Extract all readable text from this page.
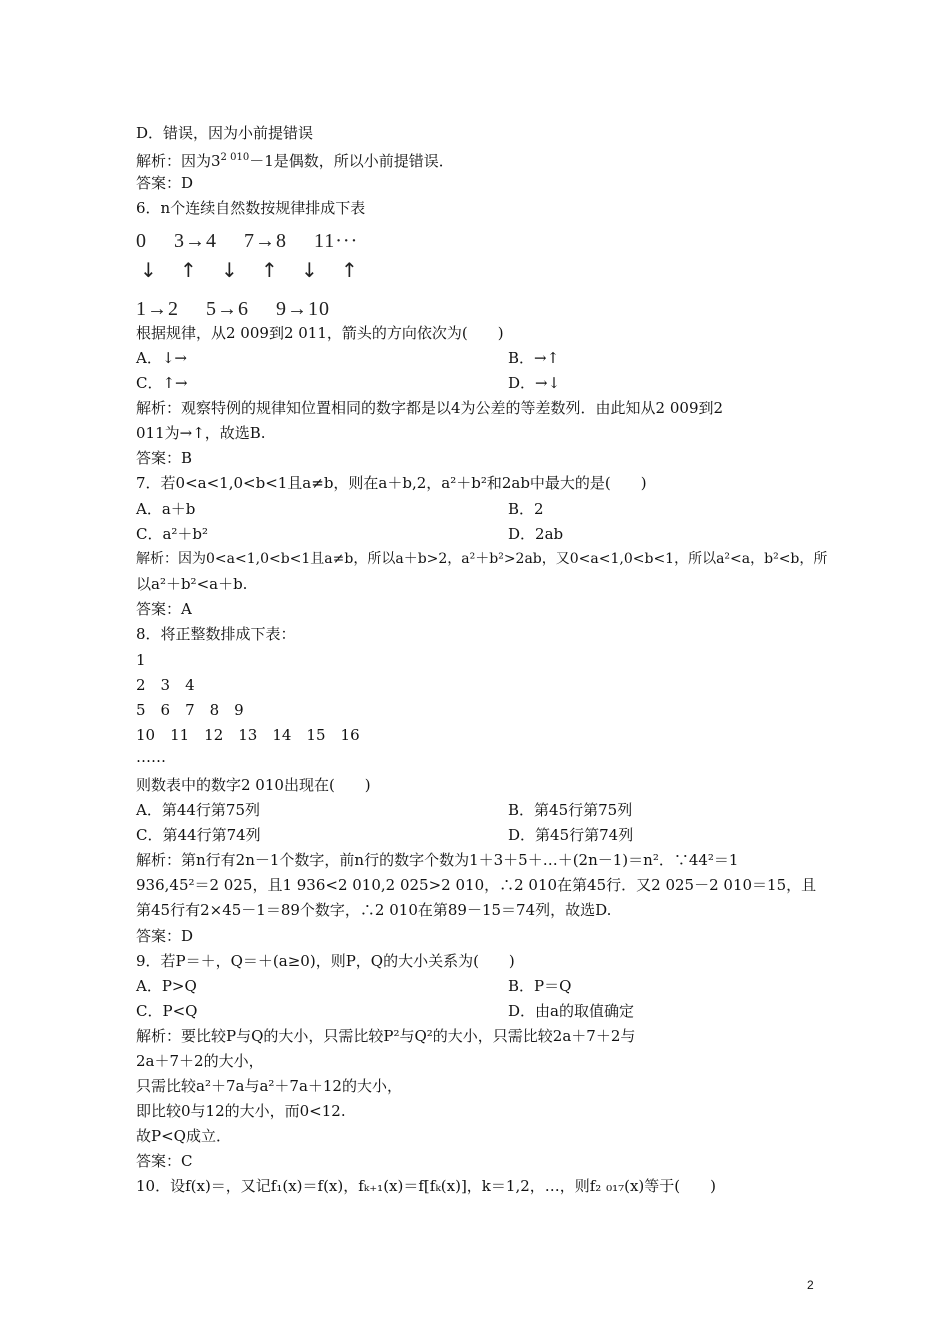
D．错误，因为小前提错误
解析：因为$3^{2 010}-1$是偶数，所以小前提错误．
答案：D
6．n个连续自然数按规律排成下表
0　 3→4　 7→8　 11···
↓ ↑ ↓ ↑ ↓ ↑
1→2　 5→6　 9→10
根据规律，从2 009到2 011，箭头的方向依次为(　　)
A．↓→	B．→↑
C．↑→	D．→↓
解析：观察特例的规律知位置相同的数字都是以4为公差的等差数列．由此知从2 009到2
011为→↑，故选B.
答案：B
7．若0<a<1,0<b<1且a≠b，则在a＋b,2，a²＋b²和2ab中最大的是(　　)
A．a＋b	B．2
C．a²＋b²	D．2ab
解析：因为0<a<1,0<b<1且a≠b，所以a＋b>2，a²＋b²>2ab，又0<a<1,0<b<1，所以a²<a，b²<b，所
以a²＋b²<a＋b.
答案：A
8．将正整数排成下表：
1
2　3　4
5　6　7　8　9
10　11　12　13　14　15　16
……
则数表中的数字2 010出现在(　　)
A．第44行第75列	B．第45行第75列
C．第44行第74列	D．第45行第74列
解析：第n行有2n－1个数字，前n行的数字个数为1＋3＋5＋…＋(2n－1)＝n²．∵44²＝1
936,45²＝2 025，且1 936<2 010,2 025>2 010，∴2 010在第45行．又2 025－2 010＝15，且
第45行有2×45－1＝89个数字，∴2 010在第89－15＝74列，故选D.
答案：D
9．若P＝＋，Q＝＋(a≥0)，则P，Q的大小关系为(　　)
A．P>Q	B．P＝Q
C．P<Q	D．由a的取值确定
解析：要比较P与Q的大小，只需比较P²与Q²的大小，只需比较2a＋7＋2与
2a＋7＋2的大小，
只需比较a²＋7a与a²＋7a＋12的大小，
即比较0与12的大小，而0<12.
故P<Q成立．
答案：C
10．设f(x)＝，又记f₁(x)＝f(x)，fₖ₊₁(x)＝f[fₖ(x)]，k＝1,2，…，则f₂ ₀₁₇(x)等于(　　)
2
